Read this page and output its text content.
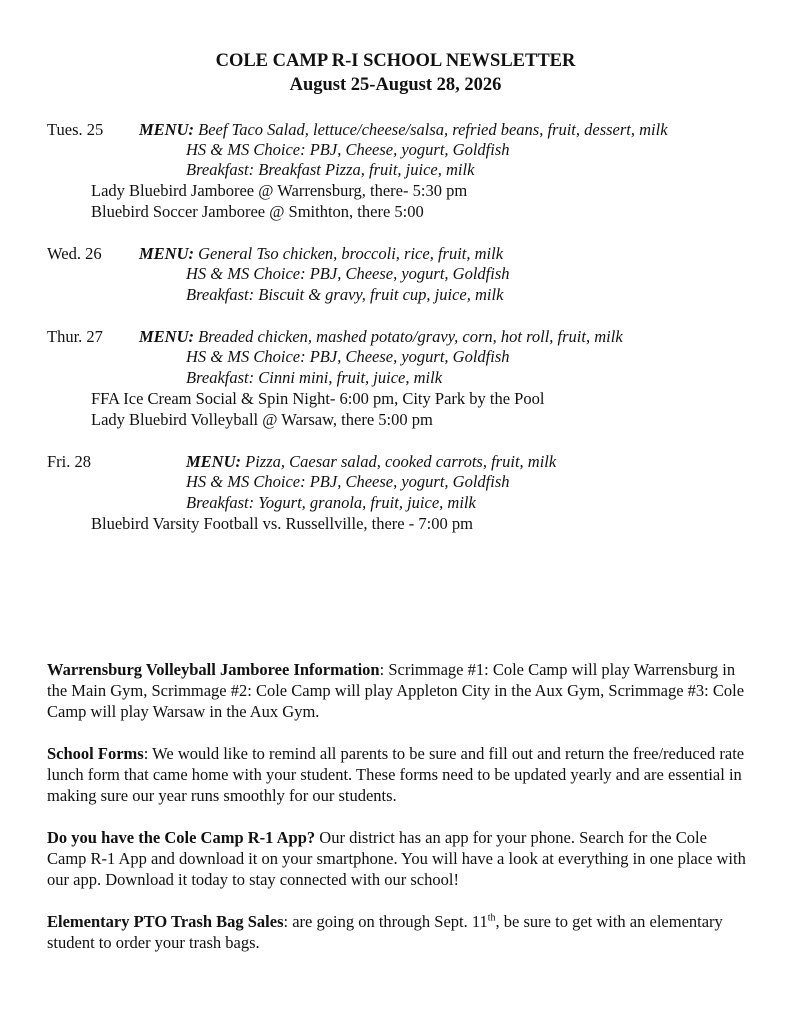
COLE CAMP R-I SCHOOL NEWSLETTER
August 25-August 28, 2026
Tues. 25 MENU: Beef Taco Salad, lettuce/cheese/salsa, refried beans, fruit, dessert, milk
HS & MS Choice: PBJ, Cheese, yogurt, Goldfish
Breakfast: Breakfast Pizza, fruit, juice, milk
Lady Bluebird Jamboree @ Warrensburg, there- 5:30 pm
Bluebird Soccer Jamboree @ Smithton, there 5:00
Wed. 26 MENU: General Tso chicken, broccoli, rice, fruit, milk
HS & MS Choice: PBJ, Cheese, yogurt, Goldfish
Breakfast: Biscuit & gravy, fruit cup, juice, milk
Thur. 27 MENU: Breaded chicken, mashed potato/gravy, corn, hot roll, fruit, milk
HS & MS Choice: PBJ, Cheese, yogurt, Goldfish
Breakfast: Cinni mini, fruit, juice, milk
FFA Ice Cream Social & Spin Night- 6:00 pm, City Park by the Pool
Lady Bluebird Volleyball @ Warsaw, there 5:00 pm
Fri. 28	MENU: Pizza, Caesar salad, cooked carrots, fruit, milk
HS & MS Choice: PBJ, Cheese, yogurt, Goldfish
Breakfast: Yogurt, granola, fruit, juice, milk
Bluebird Varsity Football vs. Russellville, there - 7:00 pm
Warrensburg Volleyball Jamboree Information: Scrimmage #1: Cole Camp will play Warrensburg in the Main Gym, Scrimmage #2: Cole Camp will play Appleton City in the Aux Gym, Scrimmage #3: Cole Camp will play Warsaw in the Aux Gym.
School Forms: We would like to remind all parents to be sure and fill out and return the free/reduced rate lunch form that came home with your student. These forms need to be updated yearly and are essential in making sure our year runs smoothly for our students.
Do you have the Cole Camp R-1 App? Our district has an app for your phone. Search for the Cole Camp R-1 App and download it on your smartphone. You will have a look at everything in one place with our app. Download it today to stay connected with our school!
Elementary PTO Trash Bag Sales: are going on through Sept. 11th, be sure to get with an elementary student to order your trash bags.
